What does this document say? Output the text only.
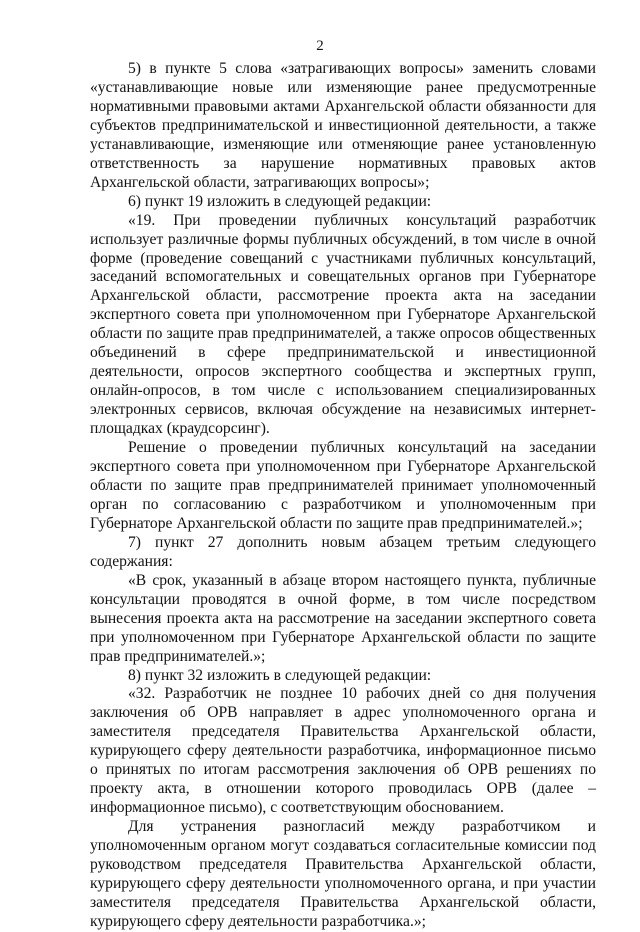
2

5) в пункте 5 слова «затрагивающих вопросы» заменить словами «устанавливающие новые или изменяющие ранее предусмотренные нормативными правовыми актами Архангельской области обязанности для субъектов предпринимательской и инвестиционной деятельности, а также устанавливающие, изменяющие или отменяющие ранее установленную ответственность за нарушение нормативных правовых актов Архангельской области, затрагивающих вопросы»;

6) пункт 19 изложить в следующей редакции:

«19. При проведении публичных консультаций разработчик использует различные формы публичных обсуждений, в том числе в очной форме (проведение совещаний с участниками публичных консультаций, заседаний вспомогательных и совещательных органов при Губернаторе Архангельской области, рассмотрение проекта акта на заседании экспертного совета при уполномоченном при Губернаторе Архангельской области по защите прав предпринимателей, а также опросов общественных объединений в сфере предпринимательской и инвестиционной деятельности, опросов экспертного сообщества и экспертных групп, онлайн-опросов, в том числе с использованием специализированных электронных сервисов, включая обсуждение на независимых интернет-площадках (краудсорсинг).

Решение о проведении публичных консультаций на заседании экспертного совета при уполномоченном при Губернаторе Архангельской области по защите прав предпринимателей принимает уполномоченный орган по согласованию с разработчиком и уполномоченным при Губернаторе Архангельской области по защите прав предпринимателей.»;

7) пункт 27 дополнить новым абзацем третьим следующего содержания:

«В срок, указанный в абзаце втором настоящего пункта, публичные консультации проводятся в очной форме, в том числе посредством вынесения проекта акта на рассмотрение на заседании экспертного совета при уполномоченном при Губернаторе Архангельской области по защите прав предпринимателей.»;

8) пункт 32 изложить в следующей редакции:

«32. Разработчик не позднее 10 рабочих дней со дня получения заключения об ОРВ направляет в адрес уполномоченного органа и заместителя председателя Правительства Архангельской области, курирующего сферу деятельности разработчика, информационное письмо о принятых по итогам рассмотрения заключения об ОРВ решениях по проекту акта, в отношении которого проводилась ОРВ (далее – информационное письмо), с соответствующим обоснованием.

Для устранения разногласий между разработчиком и уполномоченным органом могут создаваться согласительные комиссии под руководством председателя Правительства Архангельской области, курирующего сферу деятельности уполномоченного органа, и при участии заместителя председателя Правительства Архангельской области, курирующего сферу деятельности разработчика.»;
